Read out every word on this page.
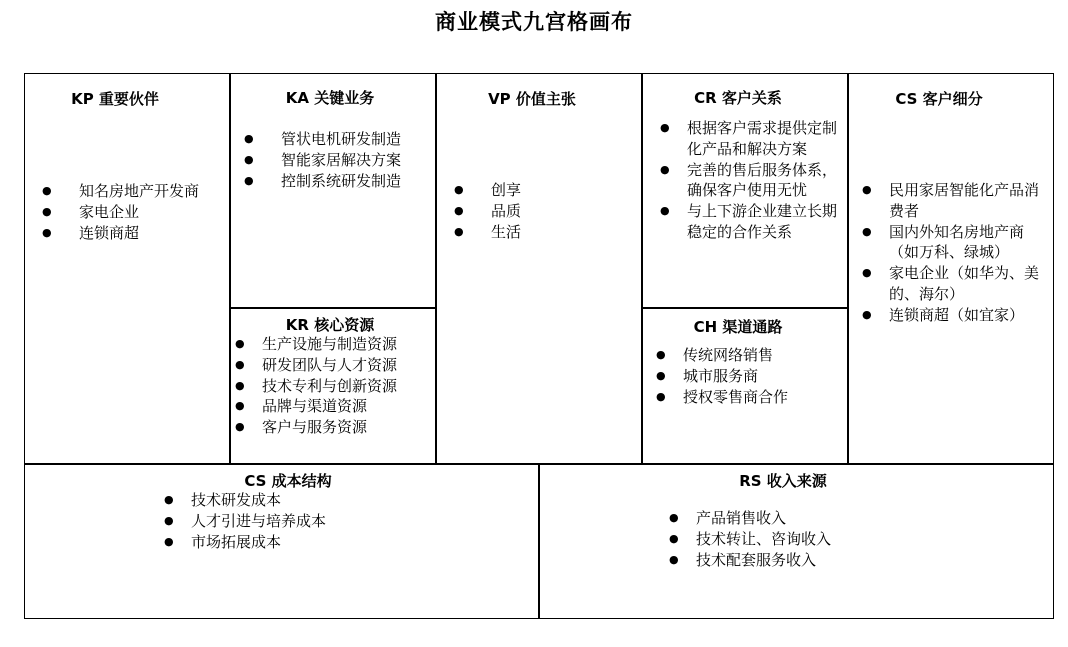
商业模式九宫格画布
KP 重要伙伴
● 知名房地产开发商
● 家电企业
● 连锁商超
KA 关键业务
● 管状电机研发制造
● 智能家居解决方案
● 控制系统研发制造
KR 核心资源
● 生产设施与制造资源
● 研发团队与人才资源
● 技术专利与创新资源
● 品牌与渠道资源
● 客户与服务资源
VP 价值主张
● 创享
● 品质
● 生活
CR 客户关系
● 根据客户需求提供定制化产品和解决方案
● 完善的售后服务体系，确保客户使用无忧
● 与上下游企业建立长期稳定的合作关系
CH 渠道通路
● 传统网络销售
● 城市服务商
● 授权零售商合作
CS 客户细分
● 民用家居智能化产品消费者
● 国内外知名房地产商（如万科、绿城）
● 家电企业（如华为、美的、海尔）
● 连锁商超（如宜家）
CS 成本结构
● 技术研发成本
● 人才引进与培养成本
● 市场拓展成本
RS 收入来源
● 产品销售收入
● 技术转让、咨询收入
● 技术配套服务收入
